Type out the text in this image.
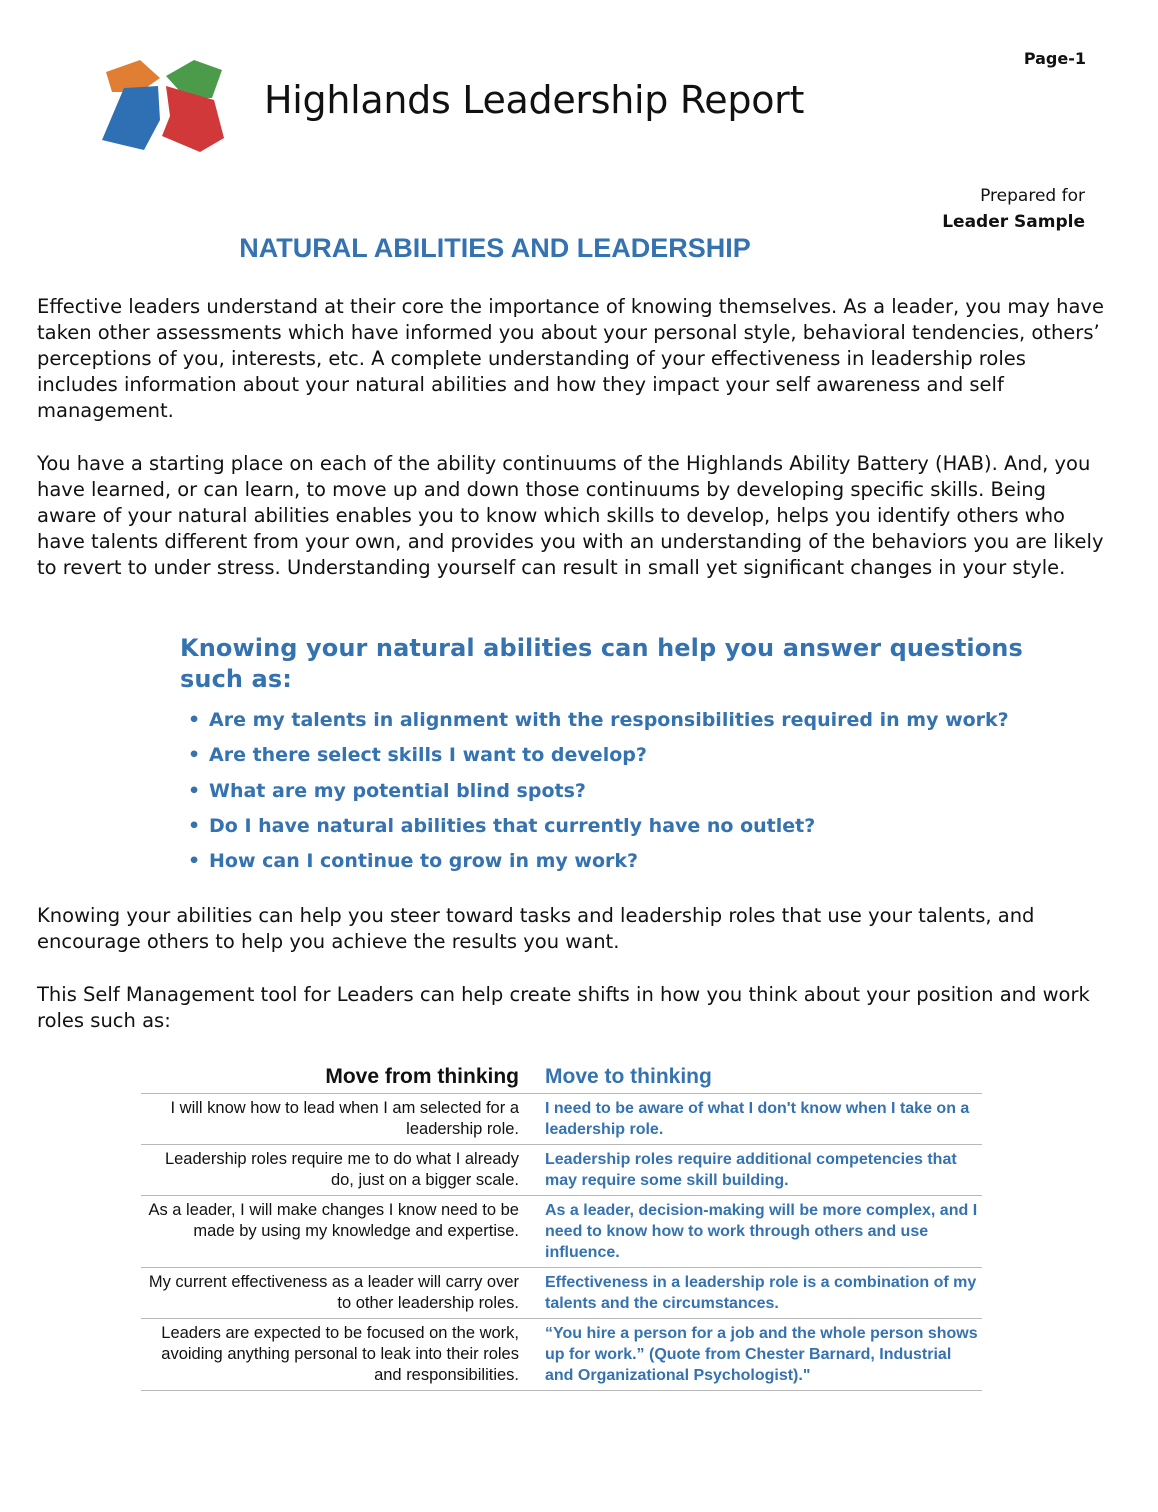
Page-1
Highlands Leadership Report
Prepared for
Leader Sample
NATURAL ABILITIES AND LEADERSHIP
Effective leaders understand at their core the importance of knowing themselves. As a leader, you may have taken other assessments which have informed you about your personal style, behavioral tendencies, others’ perceptions of you, interests, etc. A complete understanding of your effectiveness in leadership roles includes information about your natural abilities and how they impact your self awareness and self management.
You have a starting place on each of the ability continuums of the Highlands Ability Battery (HAB). And, you have learned, or can learn, to move up and down those continuums by developing specific skills. Being aware of your natural abilities enables you to know which skills to develop, helps you identify others who have talents different from your own, and provides you with an understanding of the behaviors you are likely to revert to under stress. Understanding yourself can result in small yet significant changes in your style.
Knowing your natural abilities can help you answer questions such as:
• Are my talents in alignment with the responsibilities required in my work?
• Are there select skills I want to develop?
• What are my potential blind spots?
• Do I have natural abilities that currently have no outlet?
• How can I continue to grow in my work?
Knowing your abilities can help you steer toward tasks and leadership roles that use your talents, and encourage others to help you achieve the results you want.
This Self Management tool for Leaders can help create shifts in how you think about your position and work roles such as:
Move from thinking	Move to thinking
I will know how to lead when I am selected for a leadership role.	I need to be aware of what I don't know when I take on a leadership role.
Leadership roles require me to do what I already do, just on a bigger scale.	Leadership roles require additional competencies that may require some skill building.
As a leader, I will make changes I know need to be made by using my knowledge and expertise.	As a leader, decision-making will be more complex, and I need to know how to work through others and use influence.
My current effectiveness as a leader will carry over to other leadership roles.	Effectiveness in a leadership role is a combination of my talents and the circumstances.
Leaders are expected to be focused on the work, avoiding anything personal to leak into their roles and responsibilities.	“You hire a person for a job and the whole person shows up for work.” (Quote from Chester Barnard, Industrial and Organizational Psychologist)."
